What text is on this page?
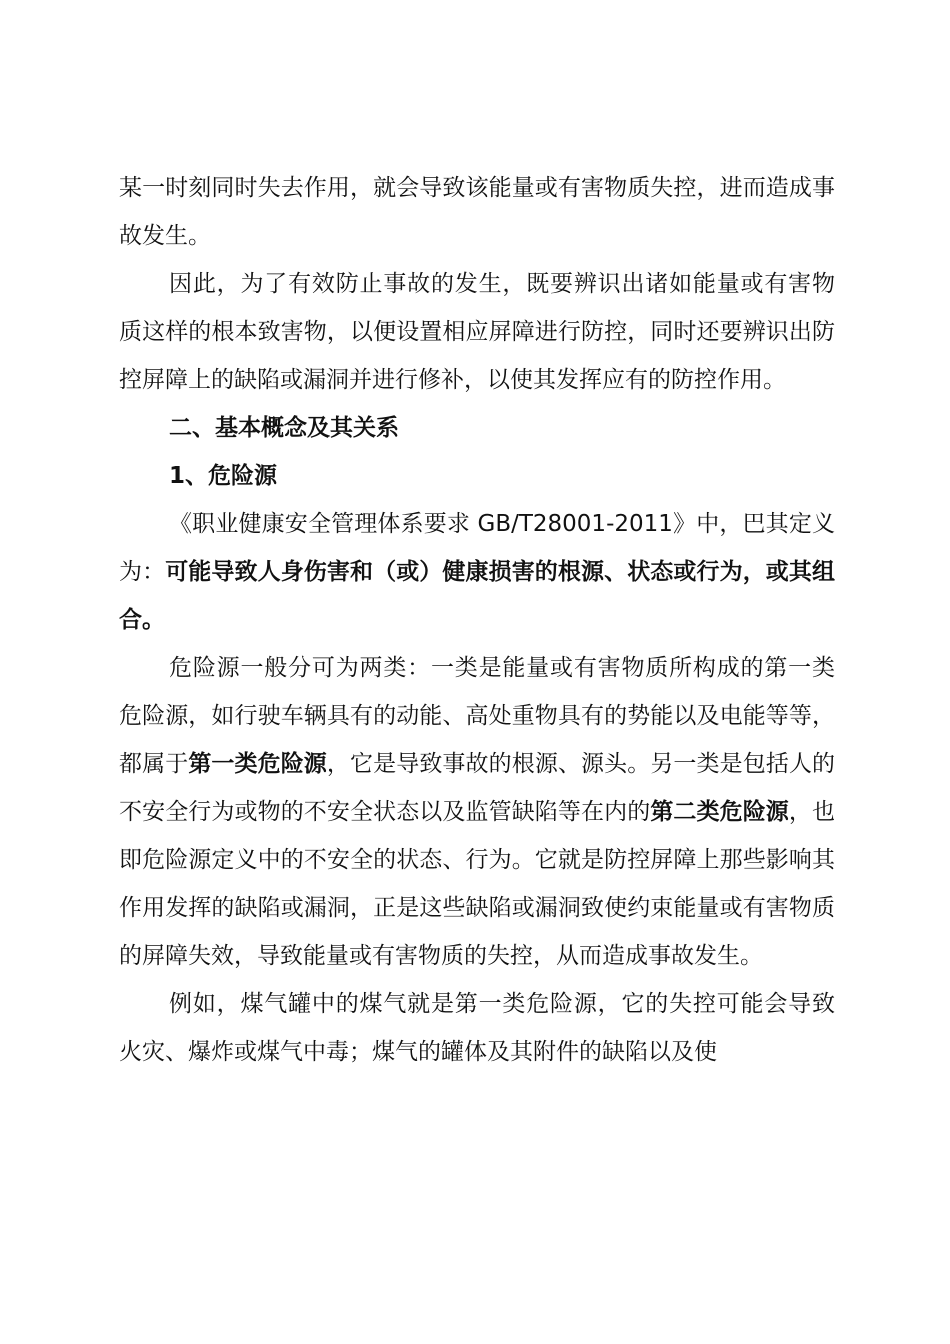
某一时刻同时失去作用，就会导致该能量或有害物质失控，进而造成事故发生。

因此，为了有效防止事故的发生，既要辨识出诸如能量或有害物质这样的根本致害物，以便设置相应屏障进行防控，同时还要辨识出防控屏障上的缺陷或漏洞并进行修补，以使其发挥应有的防控作用。

二、基本概念及其关系

1、危险源

《职业健康安全管理体系要求 GB/T28001-2011》中，巴其定义为：可能导致人身伤害和（或）健康损害的根源、状态或行为，或其组合。

危险源一般分可为两类：一类是能量或有害物质所构成的第一类危险源，如行驶车辆具有的动能、高处重物具有的势能以及电能等等，都属于第一类危险源，它是导致事故的根源、源头。另一类是包括人的不安全行为或物的不安全状态以及监管缺陷等在内的第二类危险源，也即危险源定义中的不安全的状态、行为。它就是防控屏障上那些影响其作用发挥的缺陷或漏洞，正是这些缺陷或漏洞致使约束能量或有害物质的屏障失效，导致能量或有害物质的失控，从而造成事故发生。

例如，煤气罐中的煤气就是第一类危险源，它的失控可能会导致火灾、爆炸或煤气中毒；煤气的罐体及其附件的缺陷以及使
